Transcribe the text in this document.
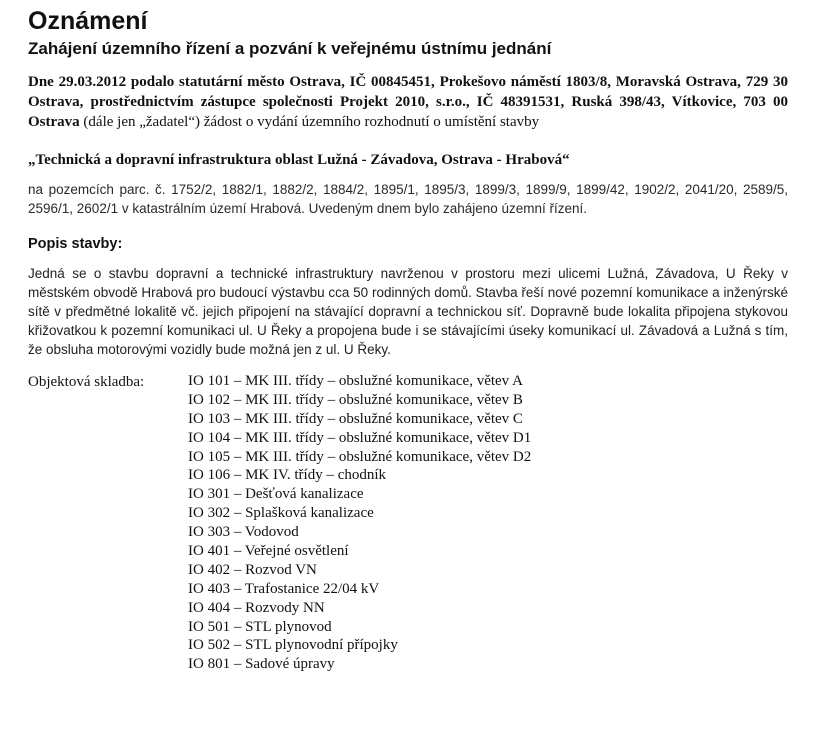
Oznámení
Zahájení územního řízení a pozvání k veřejnému ústnímu jednání

Dne 29.03.2012 podalo statutární město Ostrava, IČ 00845451, Prokešovo náměstí 1803/8, Moravská Ostrava, 729 30 Ostrava, prostřednictvím zástupce společnosti Projekt 2010, s.r.o., IČ 48391531, Ruská 398/43, Vítkovice, 703 00 Ostrava (dále jen „žadatel“) žádost o vydání územního rozhodnutí o umístění stavby

„Technická a dopravní infrastruktura oblast Lužná - Závadova, Ostrava - Hrabová“

na pozemcích parc. č. 1752/2, 1882/1, 1882/2, 1884/2, 1895/1, 1895/3, 1899/3, 1899/9, 1899/42, 1902/2, 2041/20, 2589/5, 2596/1, 2602/1 v katastrálním území Hrabová. Uvedeným dnem bylo zahájeno územní řízení.

Popis stavby:

Jedná se o stavbu dopravní a technické infrastruktury navrženou v prostoru mezi ulicemi Lužná, Závadova, U Řeky v městském obvodě Hrabová pro budoucí výstavbu cca 50 rodinných domů. Stavba řeší nové pozemní komunikace a inženýrské sítě v předmětné lokalitě vč. jejich připojení na stávající dopravní a technickou síť. Dopravně bude lokalita připojena stykovou křižovatkou k pozemní komunikaci ul. U Řeky a propojena bude i se stávajícími úseky komunikací ul. Závadová a Lužná s tím, že obsluha motorovými vozidly bude možná jen z ul. U Řeky.

Objektová skladba:	IO 101 – MK III. třídy – obslužné komunikace, větev A
IO 102 – MK III. třídy – obslužné komunikace, větev B
IO 103 – MK III. třídy – obslužné komunikace, větev C
IO 104 – MK III. třídy – obslužné komunikace, větev D1
IO 105 – MK III. třídy – obslužné komunikace, větev D2
IO 106 – MK IV. třídy – chodník
IO 301 – Dešťová kanalizace
IO 302 – Splašková kanalizace
IO 303 – Vodovod
IO 401 – Veřejné osvětlení
IO 402 – Rozvod VN
IO 403 – Trafostanice 22/04 kV
IO 404 – Rozvody NN
IO 501 – STL plynovod
IO 502 – STL plynovodní přípojky
IO 801 – Sadové úpravy
